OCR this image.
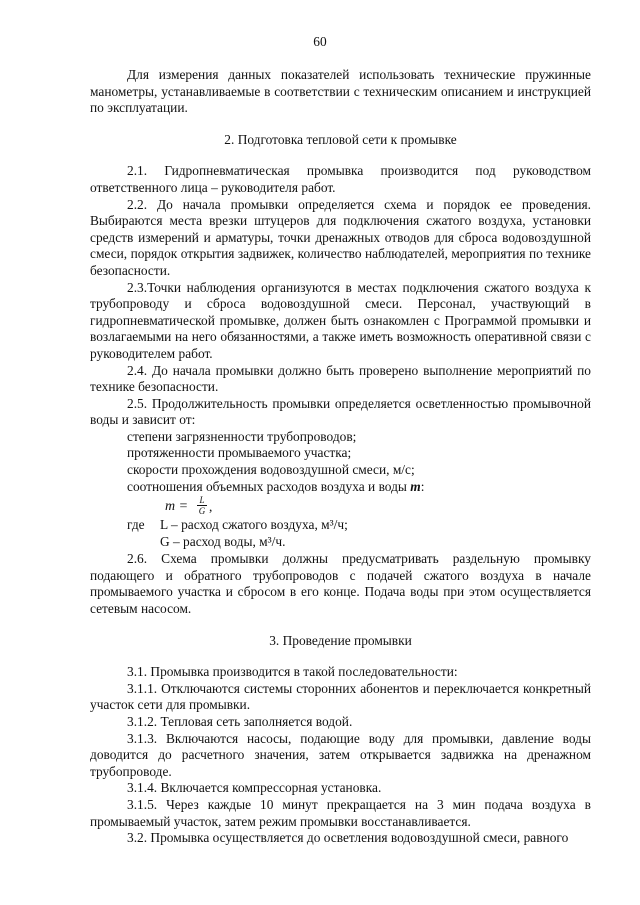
60

Для измерения данных показателей использовать технические пружинные манометры, устанавливаемые в соответствии с техническим описанием и инструкцией по эксплуатации.

2. Подготовка тепловой сети к промывке

2.1. Гидропневматическая промывка производится под руководством ответственного лица – руководителя работ.

2.2. До начала промывки определяется схема и порядок ее проведения. Выбираются места врезки штуцеров для подключения сжатого воздуха, установки средств измерений и арматуры, точки дренажных отводов для сброса водовоздушной смеси, порядок открытия задвижек, количество наблюдателей, мероприятия по технике безопасности.

2.3.Точки наблюдения организуются в местах подключения сжатого воздуха к трубопроводу и сброса водовоздушной смеси. Персонал, участвующий в гидропневматической промывке, должен быть ознакомлен с Программой промывки и возлагаемыми на него обязанностями, а также иметь возможность оперативной связи с руководителем работ.

2.4. До начала промывки должно быть проверено выполнение мероприятий по технике безопасности.

2.5. Продолжительность промывки определяется осветленностью промывочной воды и зависит от:

степени загрязненности трубопроводов;

протяженности промываемого участка;

скорости прохождения водовоздушной смеси, м/с;

соотношения объемных расходов воздуха и воды m:

$m = \frac{L}{G}$ ,
где L – расход сжатого воздуха, м³/ч;
G – расход воды, м³/ч.

2.6. Схема промывки должны предусматривать раздельную промывку подающего и обратного трубопроводов с подачей сжатого воздуха в начале промываемого участка и сбросом в его конце. Подача воды при этом осуществляется сетевым насосом.

3. Проведение промывки

3.1. Промывка производится в такой последовательности:

3.1.1. Отключаются системы сторонних абонентов и переключается конкретный участок сети для промывки.

3.1.2. Тепловая сеть заполняется водой.

3.1.3. Включаются насосы, подающие воду для промывки, давление воды доводится до расчетного значения, затем открывается задвижка на дренажном трубопроводе.

3.1.4. Включается компрессорная установка.

3.1.5. Через каждые 10 минут прекращается на 3 мин подача воздуха в промываемый участок, затем режим промывки восстанавливается.

3.2. Промывка осуществляется до осветления водовоздушной смеси, равного
